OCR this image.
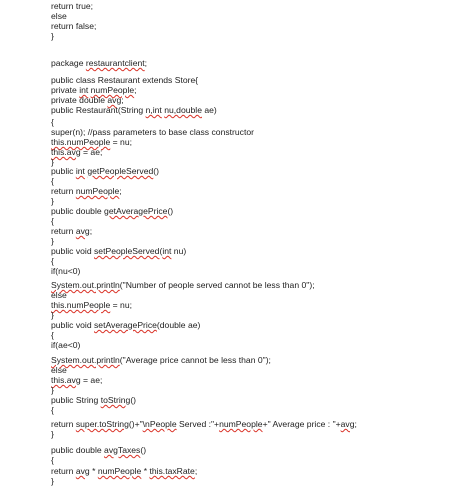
return true;
else
return false;
}
package restaurantclient;
public class Restaurant extends Store{
private int numPeople;
private double avg;
public Restaurant(String n,int nu,double ae)
{
super(n); //pass parameters to base class constructor
this.numPeople = nu;
this.avg = ae;
}
public int getPeopleServed()
{
return numPeople;
}
public double getAveragePrice()
{
return avg;
}
public void setPeopleServed(int nu)
{
if(nu<0)
System.out.println("Number of people served cannot be less than 0");
else
this.numPeople = nu;
}
public void setAveragePrice(double ae)
{
if(ae<0)
System.out.println("Average price cannot be less than 0");
else
this.avg = ae;
}
public String toString()
{
return super.toString()+"\nPeople Served :"+numPeople+" Average price : "+avg;
}
public double avgTaxes()
{
return avg * numPeople * this.taxRate;
}
